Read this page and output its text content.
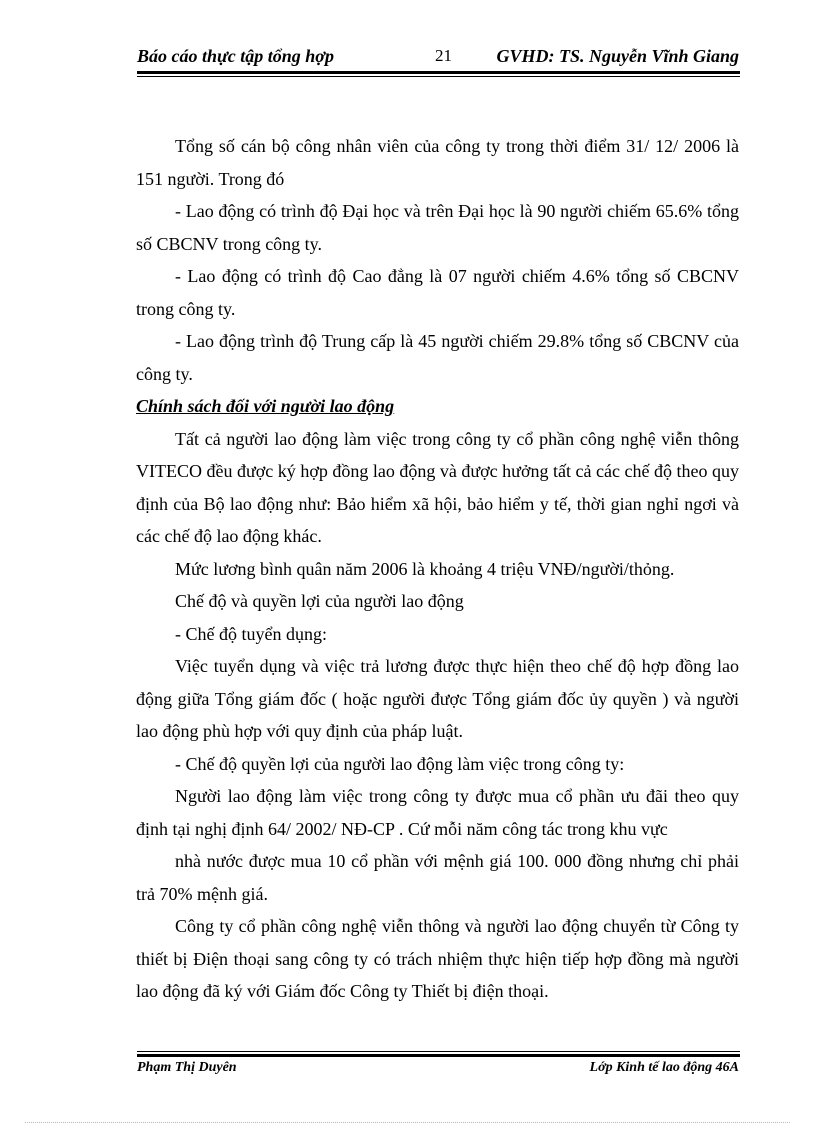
Báo cáo thực tập tổng hợp	21 GVHD: TS. Nguyễn Vĩnh Giang

Tổng số cán bộ công nhân viên của công ty trong thời điểm 31/ 12/ 2006 là 151 người. Trong đó

- Lao động có trình độ Đại học và trên Đại học là 90 người chiếm 65.6% tổng số CBCNV trong công ty.

- Lao động có trình độ Cao đẳng là 07 người chiếm 4.6% tổng số CBCNV trong công ty.

- Lao động trình độ Trung cấp là 45 người chiếm 29.8% tổng số CBCNV của công ty.

Chính sách đối với người lao động

Tất cả người lao động làm việc trong công ty cổ phần công nghệ viễn thông VITECO đều được ký hợp đồng lao động và được hưởng tất cả các chế độ theo quy định của Bộ lao động như: Bảo hiểm xã hội, bảo hiểm y tế, thời gian nghỉ ngơi và các chế độ lao động khác.

Mức lương bình quân năm 2006 là khoảng 4 triệu VNĐ/người/thỏng.

Chế độ và quyền lợi của người lao động

- Chế độ tuyển dụng:

Việc tuyển dụng và việc trả lương được thực hiện theo chế độ hợp đồng lao động giữa Tổng giám đốc ( hoặc người được Tổng giám đốc ủy quyền ) và người lao động phù hợp với quy định của pháp luật.

- Chế độ quyền lợi của người lao động làm việc trong công ty:

Người lao động làm việc trong công ty được mua cổ phần ưu đãi theo quy định tại nghị định 64/ 2002/ NĐ-CP . Cứ mỗi năm công tác trong khu vực

nhà nước được mua 10 cổ phần với mệnh giá 100. 000 đồng nhưng chỉ phải trả 70% mệnh giá.

Công ty cổ phần công nghệ viễn thông và người lao động chuyển từ Công ty thiết bị Điện thoại sang công ty có trách nhiệm thực hiện tiếp hợp đồng mà người lao động đã ký với Giám đốc Công ty Thiết bị điện thoại.

Phạm Thị Duyên	Lớp Kinh tế lao động 46A
